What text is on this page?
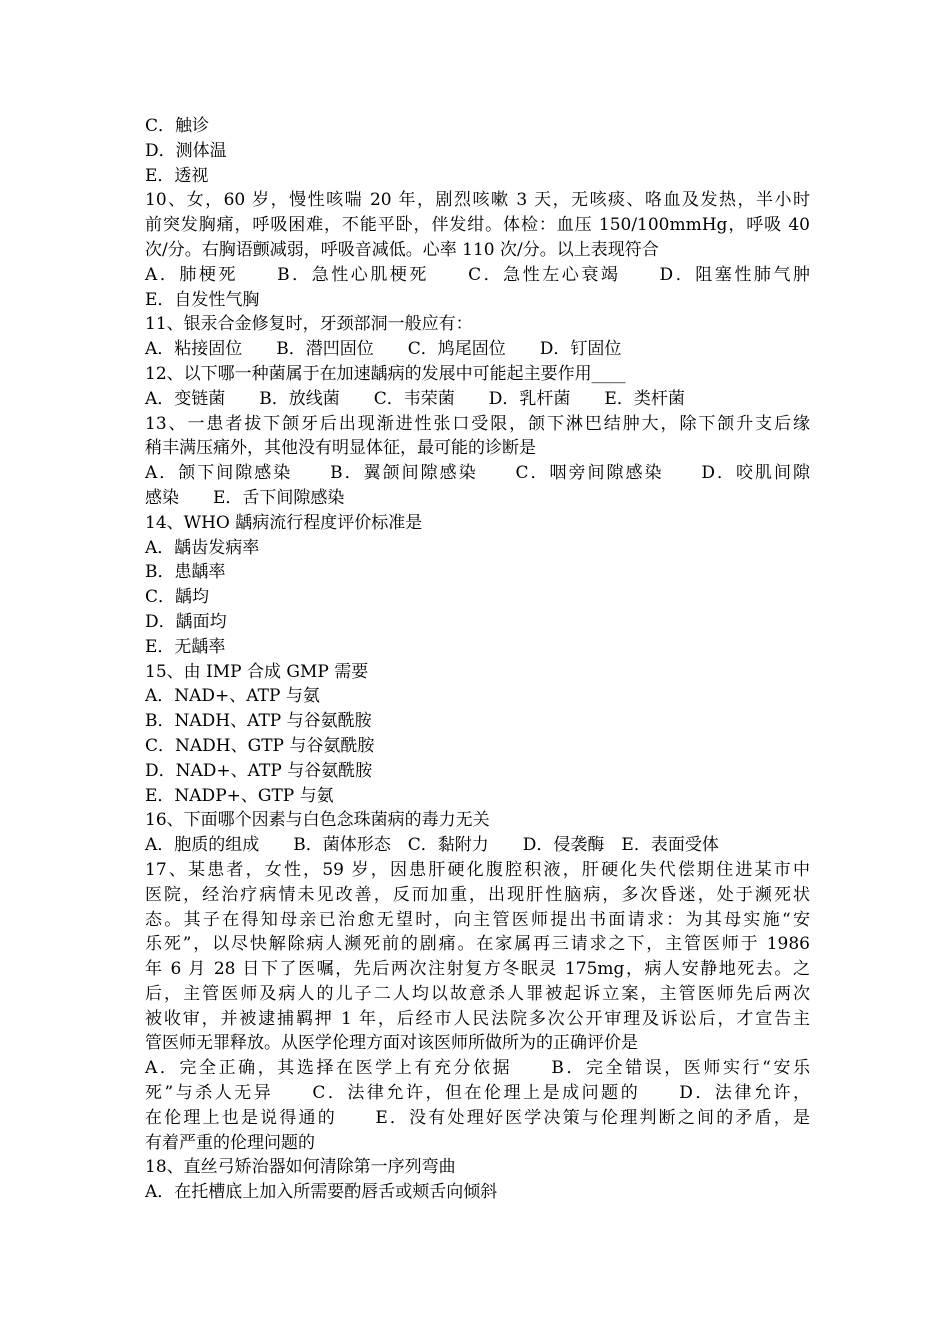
C．触诊
D．测体温
E．透视
10、女，60 岁，慢性咳喘 20 年，剧烈咳嗽 3 天，无咳痰、咯血及发热，半小时
前突发胸痛，呼吸困难，不能平卧，伴发绀。体检：血压 150/100mmHg，呼吸 40
次/分。右胸语颤减弱，呼吸音减低。心率 110 次/分。以上表现符合
A．肺梗死　　B．急性心肌梗死　　C．急性左心衰竭　　D．阻塞性肺气肿
E．自发性气胸
11、银汞合金修复时，牙颈部洞一般应有：
A．粘接固位　　B．潜凹固位　　C．鸠尾固位　　D．钉固位
12、以下哪一种菌属于在加速龋病的发展中可能起主要作用____
A．变链菌　　B．放线菌　　C．韦荣菌　　D．乳杆菌　　E．类杆菌
13、一患者拔下颌牙后出现渐进性张口受限，颌下淋巴结肿大，除下颌升支后缘
稍丰满压痛外，其他没有明显体征，最可能的诊断是
A．颌下间隙感染　　B．翼颌间隙感染　　C．咽旁间隙感染　　D．咬肌间隙
感染　　E．舌下间隙感染
14、WHO 龋病流行程度评价标准是
A．龋齿发病率
B．患龋率
C．龋均
D．龋面均
E．无龋率
15、由 IMP 合成 GMP 需要
A．NAD+、ATP 与氨
B．NADH、ATP 与谷氨酰胺
C．NADH、GTP 与谷氨酰胺
D．NAD+、ATP 与谷氨酰胺
E．NADP+、GTP 与氨
16、下面哪个因素与白色念珠菌病的毒力无关
A．胞质的组成　　B．菌体形态　C．黏附力　　D．侵袭酶　E．表面受体
17、某患者，女性，59 岁，因患肝硬化腹腔积液，肝硬化失代偿期住进某市中
医院，经治疗病情未见改善，反而加重，出现肝性脑病，多次昏迷，处于濒死状
态。其子在得知母亲已治愈无望时，向主管医师提出书面请求：为其母实施“安
乐死”，以尽快解除病人濒死前的剧痛。在家属再三请求之下，主管医师于 1986
年 6 月 28 日下了医嘱，先后两次注射复方冬眠灵 175mg，病人安静地死去。之
后，主管医师及病人的儿子二人均以故意杀人罪被起诉立案，主管医师先后两次
被收审，并被逮捕羁押 1 年，后经市人民法院多次公开审理及诉讼后，才宣告主
管医师无罪释放。从医学伦理方面对该医师所做所为的正确评价是
A．完全正确，其选择在医学上有充分依据　　B．完全错误，医师实行“安乐
死”与杀人无异　　C．法律允许，但在伦理上是成问题的　　D．法律允许，
在伦理上也是说得通的　　E．没有处理好医学决策与伦理判断之间的矛盾，是
有着严重的伦理问题的
18、直丝弓矫治器如何清除第一序列弯曲
A．在托槽底上加入所需要酌唇舌或颊舌向倾斜
